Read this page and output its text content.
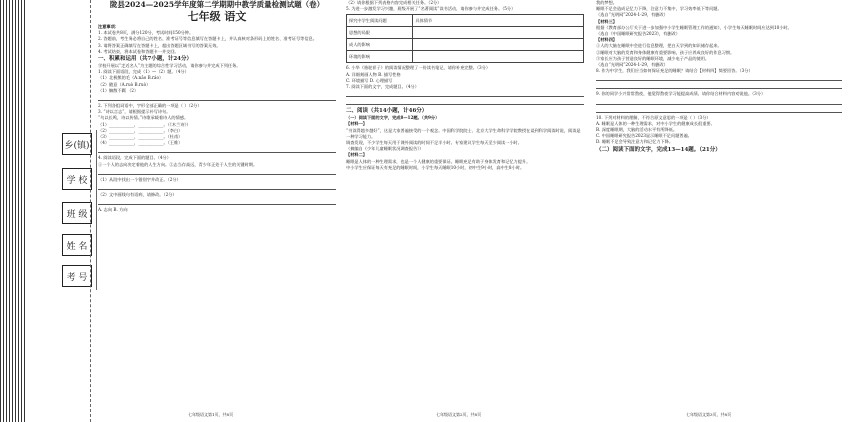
乡(镇)
学 校
班 级
姓 名
考 号
陇县2024—2025学年度第二学期期中教学质量检测试题（卷）
七年级 语文

注意事项：

1. 本试卷共8页，满分120分，考试时间150分钟。

2. 答题前，考生务必将自己的姓名、准考证号等信息填写在答题卡上，并认真核对条形码上的姓名、准考证号等信息。

3. 请将答案正确填写在答题卡上，超出答题区域书写的答案无效。

4. 考试结束，将本试卷和答题卡一并交回。

一、积累和运用（共7小题，计24分）

学校开展以“走近名人”为主题的综合性学习活动，请你参与并完成下列任务。

1. 阅读下面语段，完成（1）—（2）题。（4分）

（1）北极熊的毛（A.nǎo B.ráo）

（2）随意（A.ruò B.ruò）

（1）懒散不羁 （2）

2. 下列各组词语中，字形全部正确的一项是（ ）（2分）

3. “诗以言志”，请根据提示补写诗句。

“鸟以长鸣，诗以传情。”诗歌承载着诗人的情感。

（1）____________，____________。（《木兰诗》）

（2）____________，____________。（李白）

（3）____________，____________。（杜甫）

（4）____________，____________。（王维）

4. 阅读语段，完成下面的题目。（4分）

①一个人的志向决定着他的人生方向。②志当存高远，青少年正处于人生的关键时期。

（1）从段中找出一个错别字并改正。（2分）

（2）文中画线句有语病，请修改。（2分）

A. 志向 B. 方向

七年级语文第1页，共8页

（2）请你根据下列表格内容完成相关任务。（2分）

5. 为进一步激发学习兴趣，班级开展了“名著阅读”读书活动，请你参与并完成任务。（5分）

探究中学生阅读问题	具体情节
思想的局限	
成人的影响	
环境的影响	

6. 小华《骆驼祥子》的阅读情况整理了一份读书笔记，请你补充完整。（3分）

A. 详细刻画人物 B. 描写性格

C. 环境描写 D. 心理描写

7. 阅读下面的文字，完成题目。（4分）

二、阅读（共14小题，计46分）

（一）阅读下面的文字，完成8—12题。（共9分）

【材料一】

“书读得越多越好”，这是大家普遍接受的一个观念。中国科学院院士、北京大学生命科学学院教授在谈到科学阅读时说，阅读是一种学习能力。

调查发现，不少学生每天用于课外阅读的时间不足半小时。专家建议学生每天至少阅读一小时。

（摘编自《少年儿童睡眠状况调查报告》）

【材料二】

睡眠是人体的一种生理需求，也是一个人健康的重要保证。睡眠充足有助于身体发育和记忆力提升。

中小学生应保证每天有充足的睡眠时间，小学生每天睡眠10小时，初中生9小时，高中生8小时。

七年级语文第2页，共8页

我的梦想。

睡眠不足会造成记忆力下降，注意力不集中，学习效率低下等问题。

（选自“光明网”2024-1-29，有删改）

【材料三】

根据《教育部办公厅关于进一步加强中小学生睡眠管理工作的通知》，小学生每天睡眠时间应达到10小时。

（选自《中国睡眠研究报告2023》，有删改）

【材料四】

①人的大脑在睡眠中会进行信息整理，把白天学到的知识储存起来。

②睡眠对大脑的发育和身体健康有重要影响，孩子应养成良好的作息习惯。

③家长应为孩子营造良好的睡眠环境，减少电子产品的使用。

（选自“光明网”2024-1-29，有删改）

8. 作为中学生，我们应当如何保证充足的睡眠？请结合【材料四】简要回答。（3分）

9. 你的同学小兴常常熬夜，他觉得熬夜学习能提高成绩。请你结合材料内容劝说他。（3分）

10. 下列对材料的理解，不符合原文意思的一项是（ ）（3分）

A. 睡眠是人体的一种生理需求，对中小学生的健康成长很重要。

B. 深度睡眠期，大脑的活动水平有所降低。

C. 中国睡眠研究报告2023显示睡眠不足问题普遍。

D. 睡眠不足会导致注意力和记忆力下降。

（二）阅读下面的文字，完成13—14题。（21分）

七年级语文第3页，共8页
